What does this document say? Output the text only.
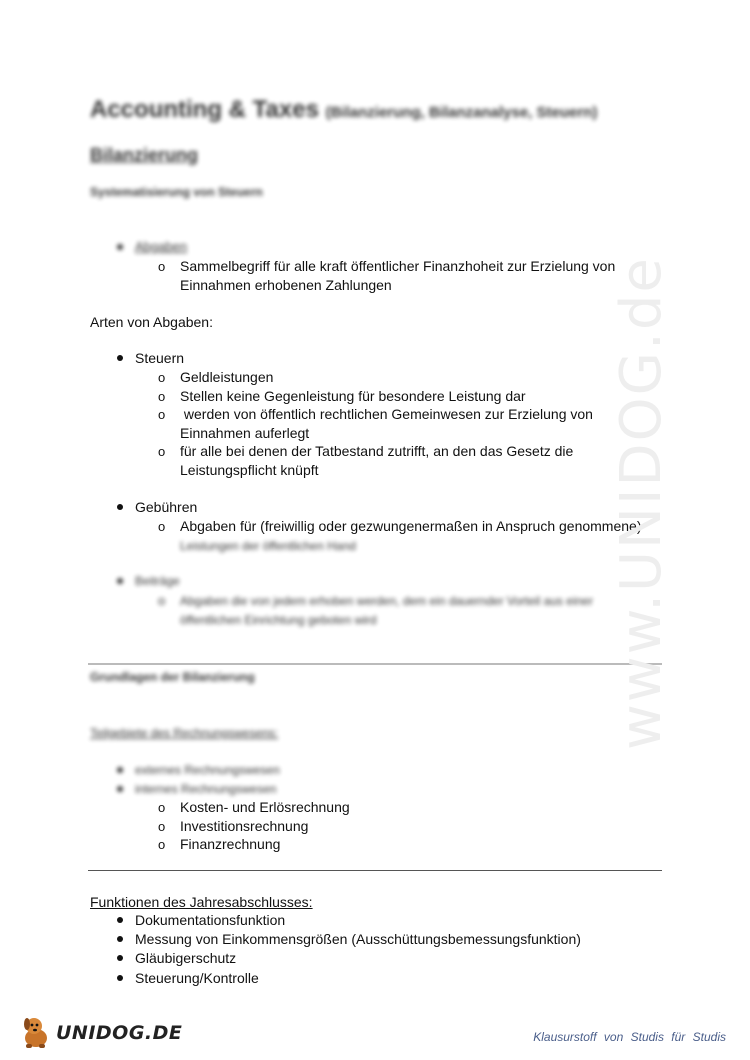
Accounting & Taxes (Bilanzierung, Bilanzanalyse, Steuern)
Bilanzierung
Systematisierung von Steuern
Abgaben
o Sammelbegriff für alle kraft öffentlicher Finanzhoheit zur Erzielung von
Einnahmen erhobenen Zahlungen
Arten von Abgaben:
Steuern
o Geldleistungen
o Stellen keine Gegenleistung für besondere Leistung dar
o werden von öffentlich rechtlichen Gemeinwesen zur Erzielung von
Einnahmen auferlegt
o für alle bei denen der Tatbestand zutrifft, an den das Gesetz die
Leistungspflicht knüpft
Gebühren
o Abgaben für (freiwillig oder gezwungenermaßen in Anspruch genommene)
Leistungen der öffentlichen Hand
Beiträge
o Abgaben die von jedem erhoben werden, dem ein dauernder Vorteil aus einer
öffentlichen Einrichtung geboten wird
Grundlagen der Bilanzierung
Teilgebiete des Rechnungswesens:
externes Rechnungswesen
internes Rechnungswesen
o Kosten- und Erlösrechnung
o Investitionsrechnung
o Finanzrechnung
Funktionen des Jahresabschlusses:
Dokumentationsfunktion
Messung von Einkommensgrößen (Ausschüttungsbemessungsfunktion)
Gläubigerschutz
Steuerung/Kontrolle
www.UNIDOG.de
UNIDOG.DE	Klausurstoff von Studis für Studis
